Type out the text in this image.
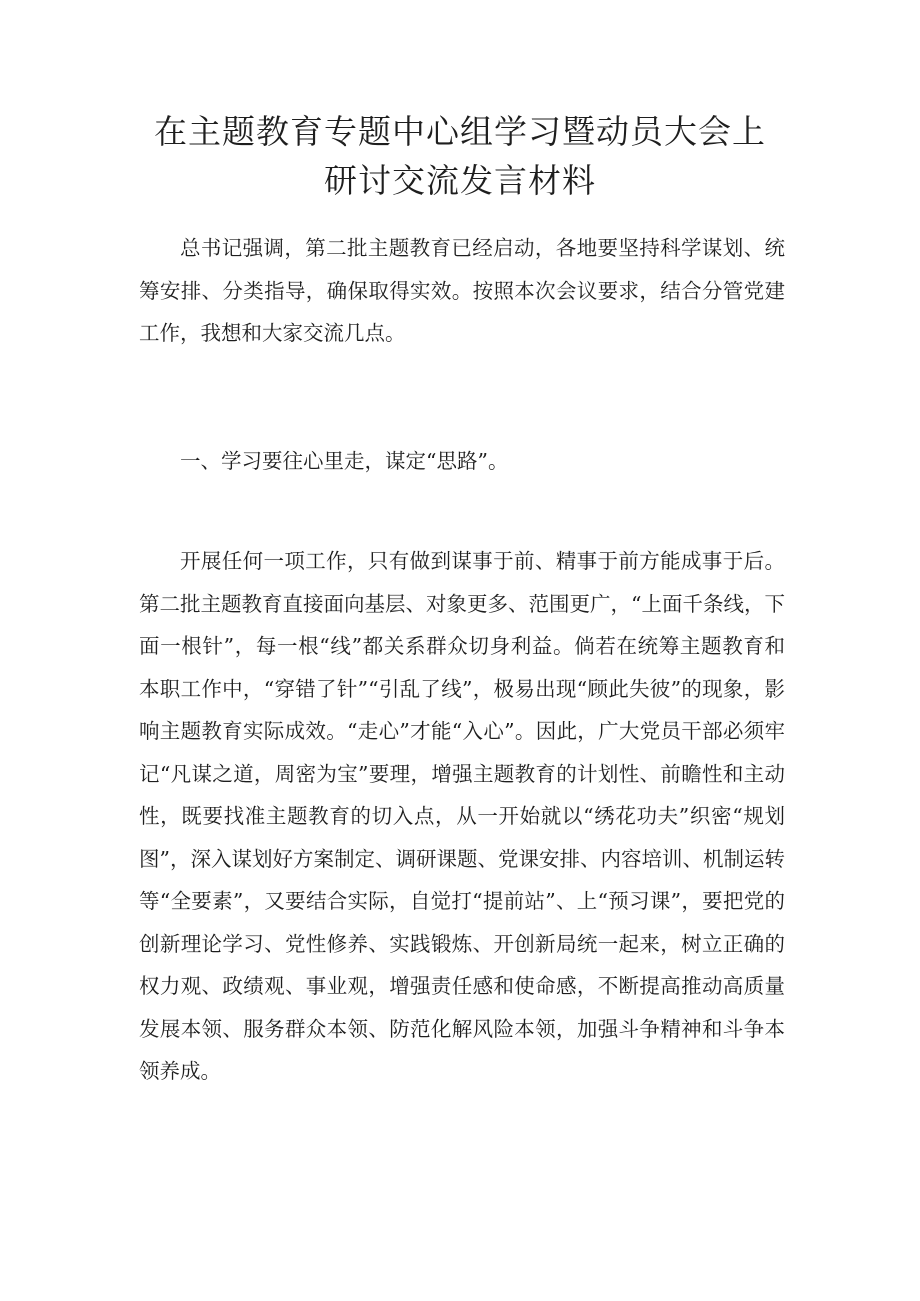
在主题教育专题中心组学习暨动员大会上
研讨交流发言材料

总书记强调，第二批主题教育已经启动，各地要坚持科学谋划、统筹安排、分类指导，确保取得实效。按照本次会议要求，结合分管党建工作，我想和大家交流几点。

一、学习要往心里走，谋定“思路”。

开展任何一项工作，只有做到谋事于前、精事于前方能成事于后。第二批主题教育直接面向基层、对象更多、范围更广，“上面千条线，下面一根针”，每一根“线”都关系群众切身利益。倘若在统筹主题教育和本职工作中，“穿错了针”“引乱了线”，极易出现“顾此失彼”的现象，影响主题教育实际成效。“走心”才能“入心”。因此，广大党员干部必须牢记“凡谋之道，周密为宝”要理，增强主题教育的计划性、前瞻性和主动性，既要找准主题教育的切入点，从一开始就以“绣花功夫”织密“规划图”，深入谋划好方案制定、调研课题、党课安排、内容培训、机制运转等“全要素”，又要结合实际，自觉打“提前站”、上“预习课”，要把党的创新理论学习、党性修养、实践锻炼、开创新局统一起来，树立正确的权力观、政绩观、事业观，增强责任感和使命感，不断提高推动高质量发展本领、服务群众本领、防范化解风险本领，加强斗争精神和斗争本领养成。
